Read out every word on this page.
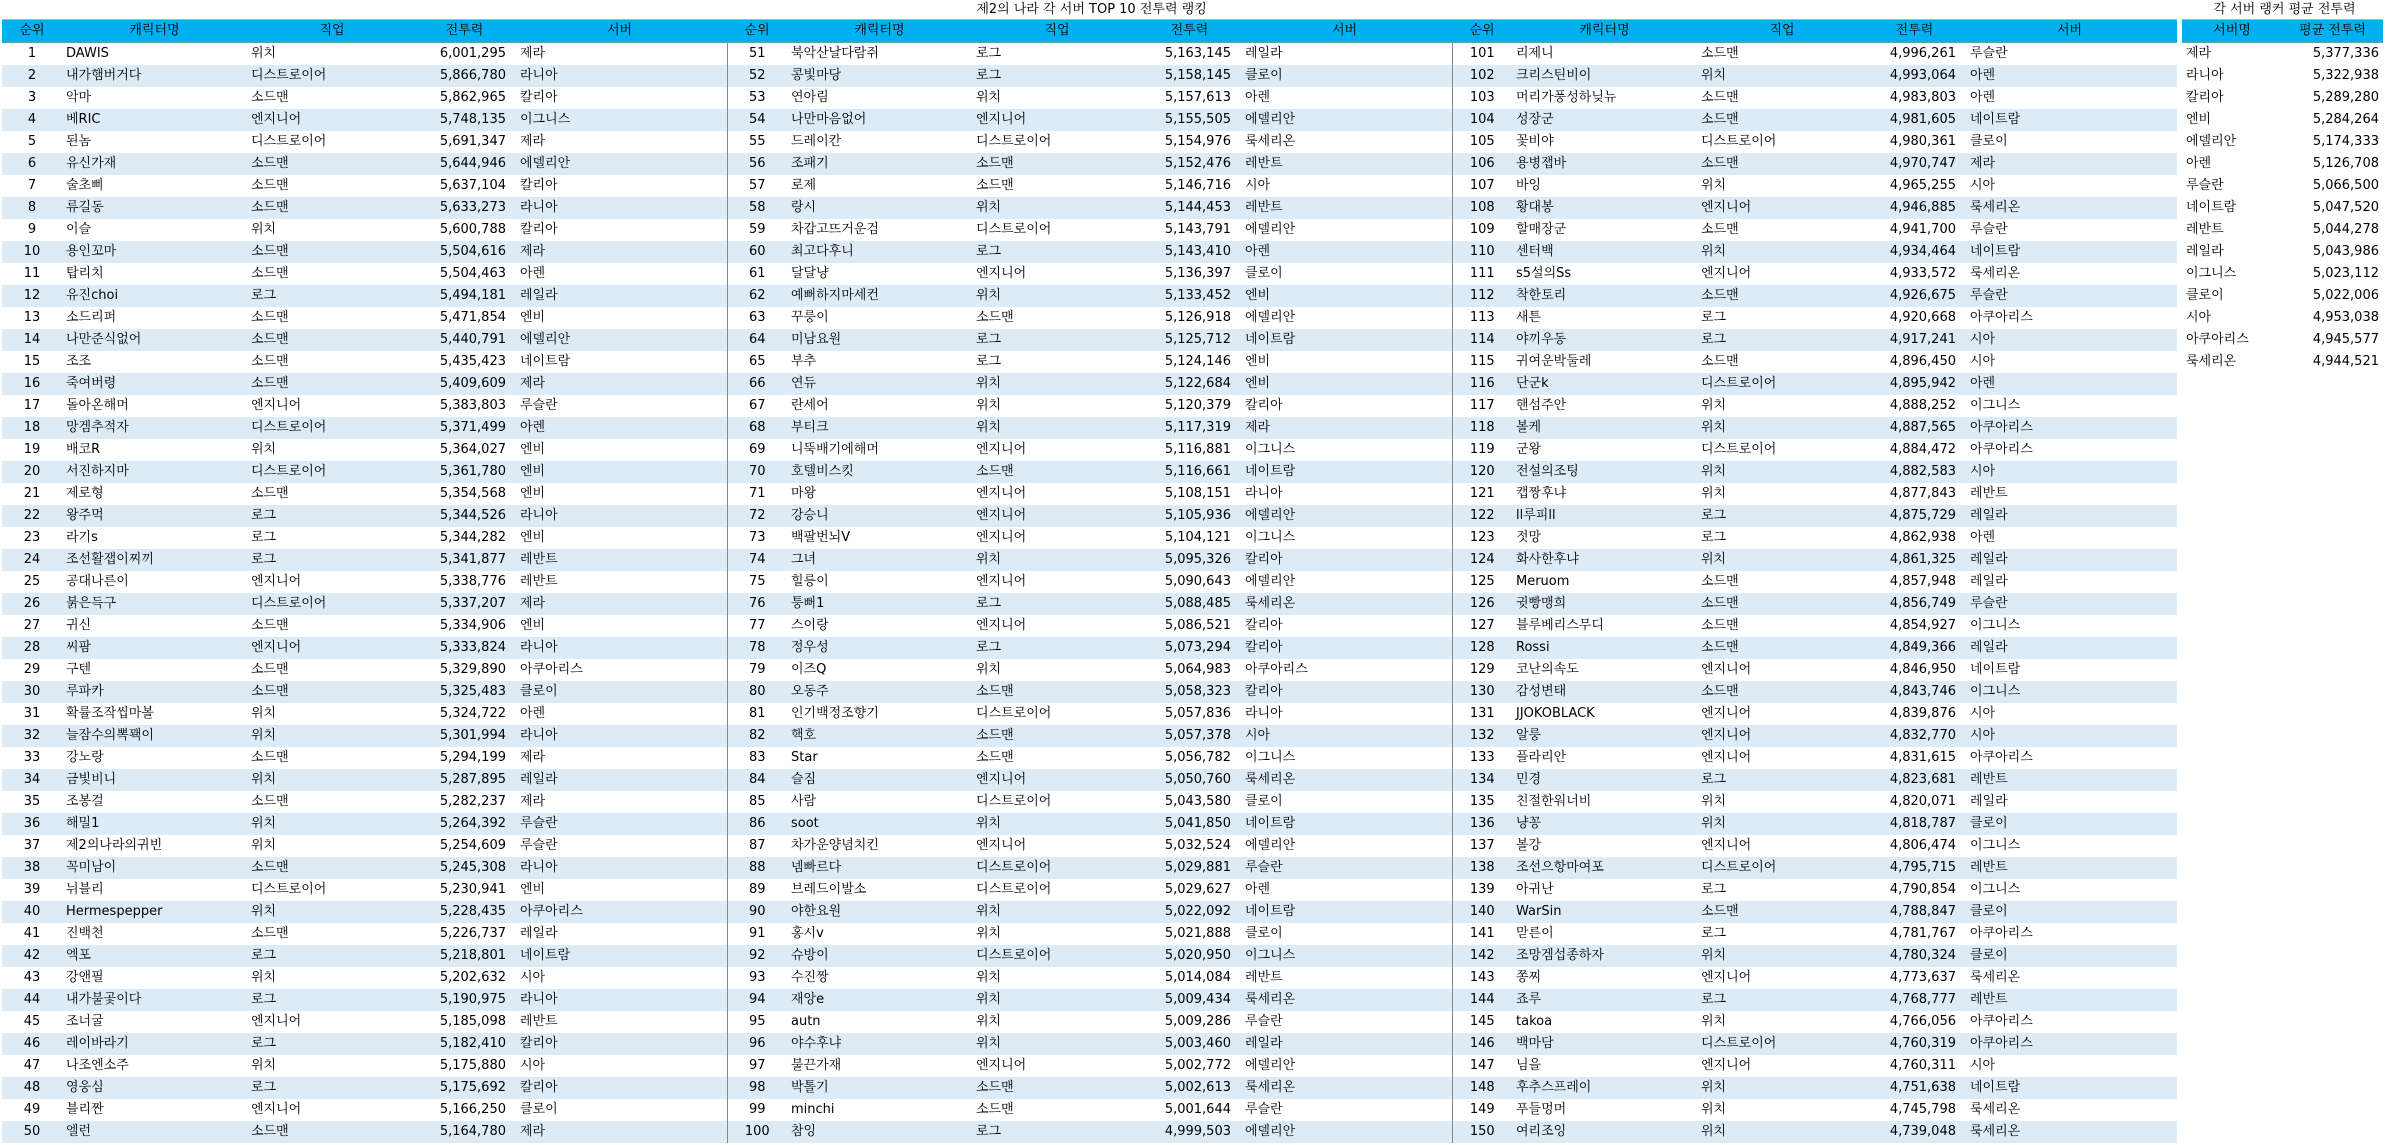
제2의 나라 각 서버 TOP 10 전투력 랭킹														
순위	캐릭터명	직업	전투력	서버	순위	캐릭터명	직업	전투력	서버	순위	캐릭터명	직업	전투력	서버
1	DAWIS	위치	6,001,295	제라	51	북악산날다람쥐	로그	5,163,145	레일라	101	리제니	소드맨	4,996,261	루슬란
2	내가햄버거다	디스트로이어	5,866,780	라니아	52	콩빛마당	로그	5,158,145	클로이	102	크리스틴비이	위치	4,993,064	아렌
3	악마	소드맨	5,862,965	칼리아	53	연아림	위치	5,157,613	아렌	103	머리가풍성하닞뉴	소드맨	4,983,803	아렌
4	베RIC	엔지니어	5,748,135	이그니스	54	나만마음없어	엔지니어	5,155,505	에델리안	104	성장군	소드맨	4,981,605	네이트람
5	된놈	디스트로이어	5,691,347	제라	55	드레이칸	디스트로이어	5,154,976	룩세리온	105	꽃비야	디스트로이어	4,980,361	클로이
6	유신가재	소드맨	5,644,946	에델리안	56	조패기	소드맨	5,152,476	레반트	106	용병잽바	소드맨	4,970,747	제라
7	술초삐	소드맨	5,637,104	칼리아	57	로제	소드맨	5,146,716	시아	107	바잉	위치	4,965,255	시아
8	류길동	소드맨	5,633,273	라니아	58	랑시	위치	5,144,453	레반트	108	황대봉	엔지니어	4,946,885	룩세리온
9	이슬	위치	5,600,788	칼리아	59	차갑고뜨거운검	디스트로이어	5,143,791	에델리안	109	할매장군	소드맨	4,941,700	루슬란
10	용인꼬마	소드맨	5,504,616	제라	60	최고다후니	로그	5,143,410	아렌	110	센터백	위치	4,934,464	네이트람
11	탑리치	소드맨	5,504,463	아렌	61	달달냥	엔지니어	5,136,397	클로이	111	s5설의Ss	엔지니어	4,933,572	룩세리온
12	유진choi	로그	5,494,181	레일라	62	예뻐하지마세컨	위치	5,133,452	엔비	112	착한토리	소드맨	4,926,675	루슬란
13	소드리퍼	소드맨	5,471,854	엔비	63	꾸룽이	소드맨	5,126,918	에델리안	113	새튼	로그	4,920,668	아쿠아리스
14	나만준식없어	소드맨	5,440,791	에델리안	64	미남요원	로그	5,125,712	네이트람	114	야끼우동	로그	4,917,241	시아
15	조조	소드맨	5,435,423	네이트람	65	부추	로그	5,124,146	엔비	115	귀여운박둘레	소드맨	4,896,450	시아
16	죽여버령	소드맨	5,409,609	제라	66	연듀	위치	5,122,684	엔비	116	단군k	디스트로이어	4,895,942	아렌
17	돌아온해머	엔지니어	5,383,803	루슬란	67	란세어	위치	5,120,379	칼리아	117	핸섬주안	위치	4,888,252	이그니스
18	망겜추적자	디스트로이어	5,371,499	아렌	68	부티크	위치	5,117,319	제라	118	볼케	위치	4,887,565	아쿠아리스
19	배코R	위치	5,364,027	엔비	69	니뚝배기에해머	엔지니어	5,116,881	이그니스	119	군왕	디스트로이어	4,884,472	아쿠아리스
20	서진하지마	디스트로이어	5,361,780	엔비	70	호텔비스킷	소드맨	5,116,661	네이트람	120	전설의조팅	위치	4,882,583	시아
21	제로형	소드맨	5,354,568	엔비	71	마왕	엔지니어	5,108,151	라니아	121	캡짱후냐	위치	4,877,843	레반트
22	왕주먹	로그	5,344,526	라니아	72	강승니	엔지니어	5,105,936	에델리안	122	ll루피ll	로그	4,875,729	레일라
23	라기s	로그	5,344,282	엔비	73	백팔번뇌V	엔지니어	5,104,121	이그니스	123	젓망	로그	4,862,938	아렌
24	조선활잽이찌끼	로그	5,341,877	레반트	74	그녀	위치	5,095,326	칼리아	124	화사한후냐	위치	4,861,325	레일라
25	공대나른이	엔지니어	5,338,776	레반트	75	힐릉이	엔지니어	5,090,643	에델리안	125	Meruom	소드맨	4,857,948	레일라
26	붉은득구	디스트로이어	5,337,207	제라	76	퉁뻐1	로그	5,088,485	룩세리온	126	귓빵맹희	소드맨	4,856,749	루슬란
27	귀신	소드맨	5,334,906	엔비	77	스이랑	엔지니어	5,086,521	칼리아	127	블루베리스무디	소드맨	4,854,927	이그니스
28	씨팜	엔지니어	5,333,824	라니아	78	정우성	로그	5,073,294	칼리아	128	Rossi	소드맨	4,849,366	레일라
29	구텐	소드맨	5,329,890	아쿠아리스	79	이즈Q	위치	5,064,983	아쿠아리스	129	코난의속도	엔지니어	4,846,950	네이트람
30	루파카	소드맨	5,325,483	클로이	80	오동주	소드맨	5,058,323	칼리아	130	감성변태	소드맨	4,843,746	이그니스
31	확률조작씹마볼	위치	5,324,722	아렌	81	인기백정조향기	디스트로이어	5,057,836	라니아	131	JJOKOBLACK	엔지니어	4,839,876	시아
32	늘잠수의뽁꽥이	위치	5,301,994	라니아	82	핵호	소드맨	5,057,378	시아	132	알룽	엔지니어	4,832,770	시아
33	강노랑	소드맨	5,294,199	제라	83	Star	소드맨	5,056,782	이그니스	133	플라리안	엔지니어	4,831,615	아쿠아리스
34	금빛비니	위치	5,287,895	레일라	84	슬짐	엔지니어	5,050,760	룩세리온	134	민경	로그	4,823,681	레반트
35	조봉걸	소드맨	5,282,237	제라	85	사람	디스트로이어	5,043,580	클로이	135	친절한워너비	위치	4,820,071	레일라
36	해밀1	위치	5,264,392	루슬란	86	soot	위치	5,041,850	네이트람	136	냥꽁	위치	4,818,787	클로이
37	제2의나라의귀빈	위치	5,254,609	루슬란	87	차가운양념치킨	엔지니어	5,032,524	에델리안	137	볼강	엔지니어	4,806,474	이그니스
38	꼭미남이	소드맨	5,245,308	라니아	88	넴빠르다	디스트로이어	5,029,881	루슬란	138	조선으항마여포	디스트로이어	4,795,715	레반트
39	뉘블리	디스트로이어	5,230,941	엔비	89	브레드이발소	디스트로이어	5,029,627	아렌	139	아귀난	로그	4,790,854	이그니스
40	Hermespepper	위치	5,228,435	아쿠아리스	90	야한요원	위치	5,022,092	네이트람	140	WarSin	소드맨	4,788,847	클로이
41	진백천	소드맨	5,226,737	레일라	91	홍시v	위치	5,021,888	클로이	141	맏른이	로그	4,781,767	아쿠아리스
42	엑포	로그	5,218,801	네이트람	92	슈방이	디스트로이어	5,020,950	이그니스	142	조망겜섭종하자	위치	4,780,324	클로이
43	강앤필	위치	5,202,632	시아	93	수진짱	위치	5,014,084	레반트	143	쫑찌	엔지니어	4,773,637	룩세리온
44	내가불곷이다	로그	5,190,975	라니아	94	재앙e	위치	5,009,434	룩세리온	144	죠루	로그	4,768,777	레반트
45	조너굴	엔지니어	5,185,098	레반트	95	autn	위치	5,009,286	루슬란	145	takoa	위치	4,766,056	아쿠아리스
46	레이바라기	로그	5,182,410	칼리아	96	야수후냐	위치	5,003,460	레일라	146	백마담	디스트로이어	4,760,319	아쿠아리스
47	나조엔소주	위치	5,175,880	시아	97	불끈가재	엔지니어	5,002,772	에델리안	147	님을	엔지니어	4,760,311	시아
48	영웅심	로그	5,175,692	칼리아	98	박톨기	소드맨	5,002,613	룩세리온	148	후추스프레이	위치	4,751,638	네이트람
49	블리짠	엔지니어	5,166,250	클로이	99	minchi	소드맨	5,001,644	루슬란	149	푸들멍머	위치	4,745,798	룩세리온
50	엘런	소드맨	5,164,780	제라	100	참잉	로그	4,999,503	에델리안	150	여리조잉	위치	4,739,048	룩세리온
각 서버 랭커 평균 전투력	
서버명	평균 전투력
제라	5,377,336
라니아	5,322,938
칼리아	5,289,280
엔비	5,284,264
에델리안	5,174,333
아렌	5,126,708
루슬란	5,066,500
네이트람	5,047,520
레반트	5,044,278
레일라	5,043,986
이그니스	5,023,112
클로이	5,022,006
시아	4,953,038
아쿠아리스	4,945,577
룩세리온	4,944,521
